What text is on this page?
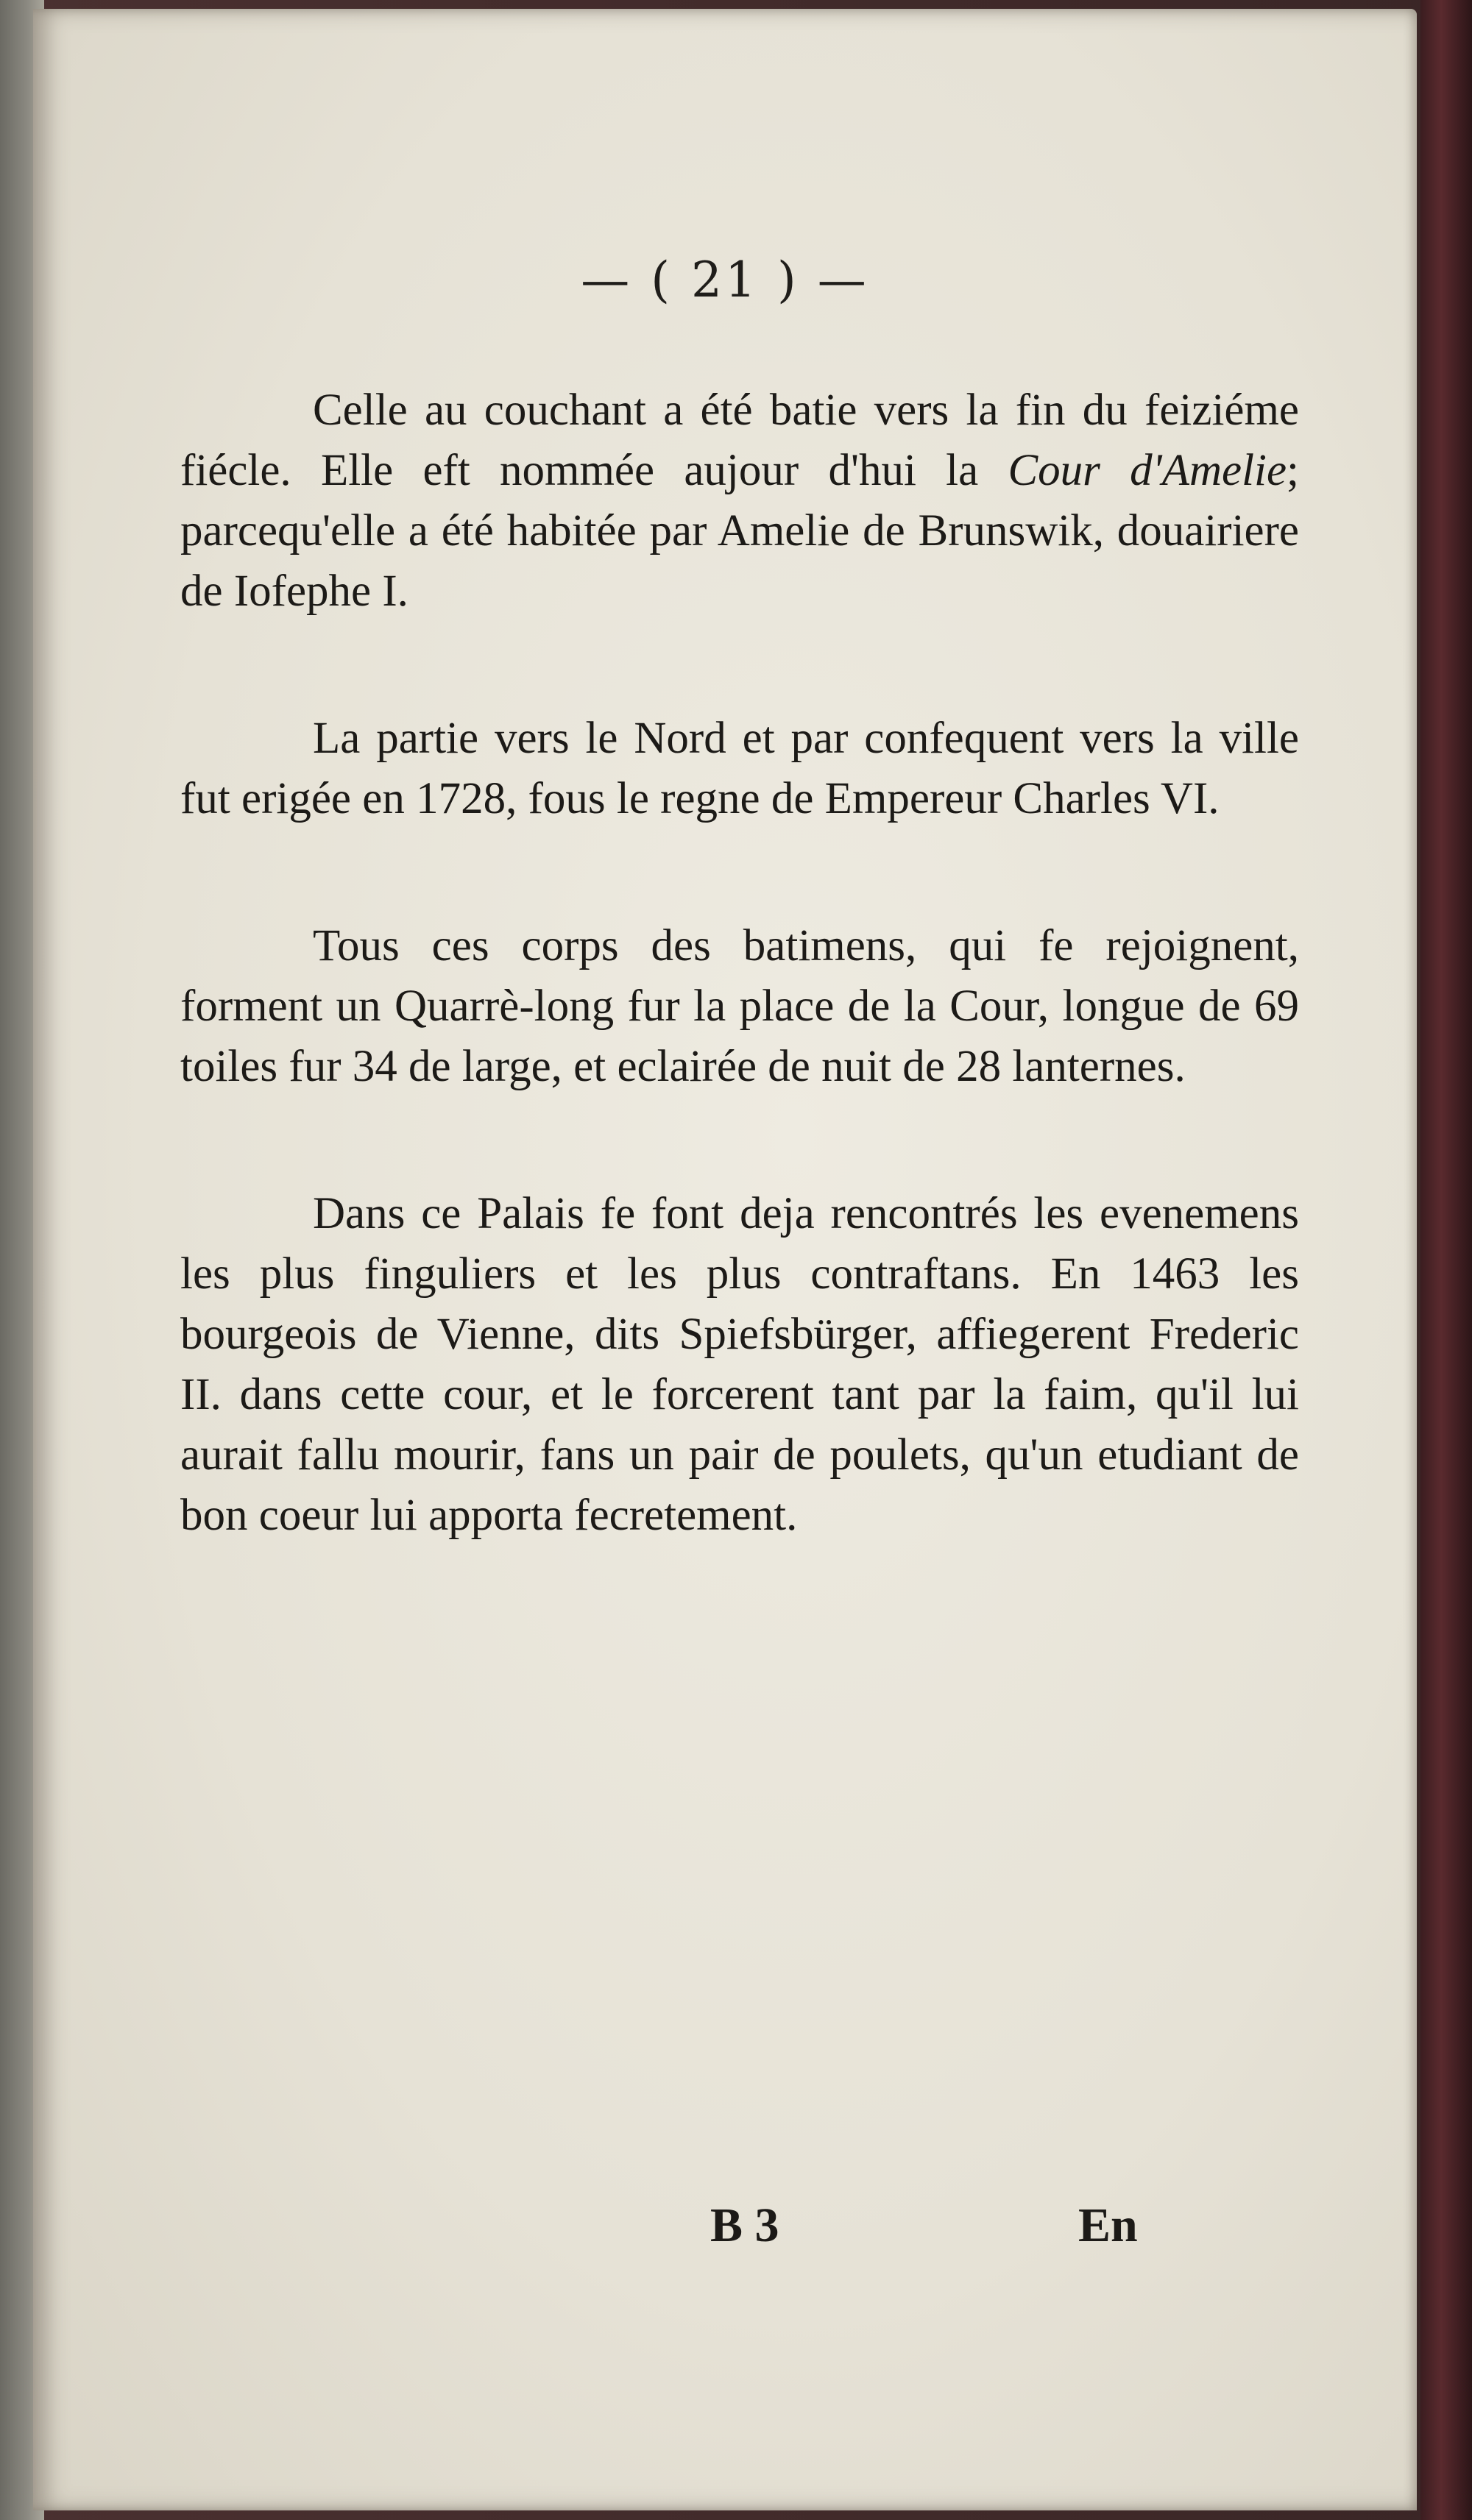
— ( 21 ) —

Celle au couchant a été batie vers la fin du feiziéme fiécle. Elle eft nommée aujour d'hui la Cour d'Amelie; parcequ'elle a été habitée par Amelie de Brunswik, douairiere de Iofephe I.

La partie vers le Nord et par confequent vers la ville fut erigée en 1728, fous le regne de Empereur Charles VI.

Tous ces corps des batimens, qui fe rejoignent, forment un Quarrè-long fur la place de la Cour, longue de 69 toiles fur 34 de large, et eclairée de nuit de 28 lanternes.

Dans ce Palais fe font deja rencontrés les evenemens les plus finguliers et les plus contraftans. En 1463 les bourgeois de Vienne, dits Spiefsbürger, affiegerent Frederic II. dans cette cour, et le forcerent tant par la faim, qu'il lui aurait fallu mourir, fans un pair de poulets, qu'un etudiant de bon coeur lui apporta fecretement.

B 3	En
